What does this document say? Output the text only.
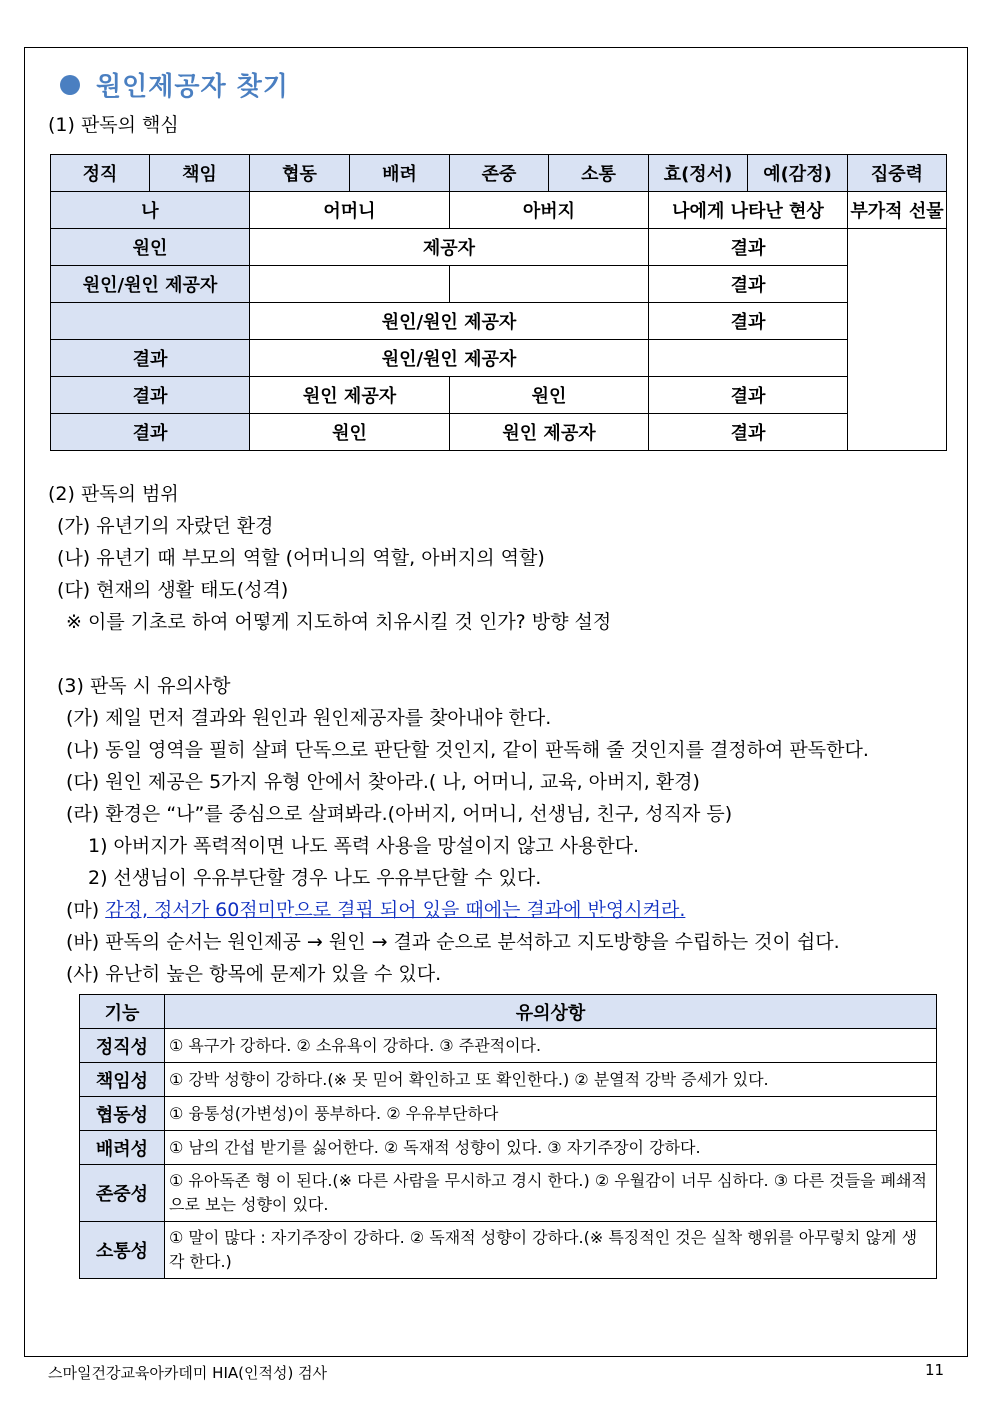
원인제공자 찾기
(1) 판독의 핵심
정직	책임	협동	배려	존중	소통	효(정서)	예(감정)	집중력
나		어머니		아버지		나에게 나타난 현상		부가적 선물
원인		제공자				결과		
원인/원인 제공자						결과		
		원인/원인 제공자				결과		
결과		원인/원인 제공자						
결과		원인 제공자		원인		결과		
결과		원인		원인 제공자		결과		
(2) 판독의 범위
(가) 유년기의 자랐던 환경
(나) 유년기 때 부모의 역할 (어머니의 역할, 아버지의 역할)
(다) 현재의 생활 태도(성격)
※ 이를 기초로 하여 어떻게 지도하여 치유시킬 것 인가? 방향 설정
(3) 판독 시 유의사항
(가) 제일 먼저 결과와 원인과 원인제공자를 찾아내야 한다.
(나) 동일 영역을 필히 살펴 단독으로 판단할 것인지, 같이 판독해 줄 것인지를 결정하여 판독한다.
(다) 원인 제공은 5가지 유형 안에서 찾아라.( 나, 어머니, 교육, 아버지, 환경)
(라) 환경은 “나”를 중심으로 살펴봐라.(아버지, 어머니, 선생님, 친구, 성직자 등)
1) 아버지가 폭력적이면 나도 폭력 사용을 망설이지 않고 사용한다.
2) 선생님이 우유부단할 경우 나도 우유부단할 수 있다.
(마) 감정, 정서가 60점미만으로 결핍 되어 있을 때에는 결과에 반영시켜라.
(바) 판독의 순서는 원인제공 → 원인 → 결과 순으로 분석하고 지도방향을 수립하는 것이 쉽다.
(사) 유난히 높은 항목에 문제가 있을 수 있다.
기능	유의상항
정직성	① 욕구가 강하다. ② 소유욕이 강하다. ③ 주관적이다.
책임성	① 강박 성향이 강하다.(※ 못 믿어 확인하고 또 확인한다.) ② 분열적 강박 증세가 있다.
협동성	① 융통성(가변성)이 풍부하다. ② 우유부단하다
배려성	① 남의 간섭 받기를 싫어한다. ② 독재적 성향이 있다. ③ 자기주장이 강하다.
존중성	① 유아독존 형 이 된다.(※ 다른 사람을 무시하고 경시 한다.) ② 우월감이 너무 심하다. ③ 다른 것들을 폐쇄적으로 보는 성향이 있다.
소통성	① 말이 많다 : 자기주장이 강하다. ② 독재적 성향이 강하다.(※ 특징적인 것은 실착 행위를 아무렇치 않게 생각 한다.)
스마일건강교육아카데미 HIA(인적성) 검사	11
